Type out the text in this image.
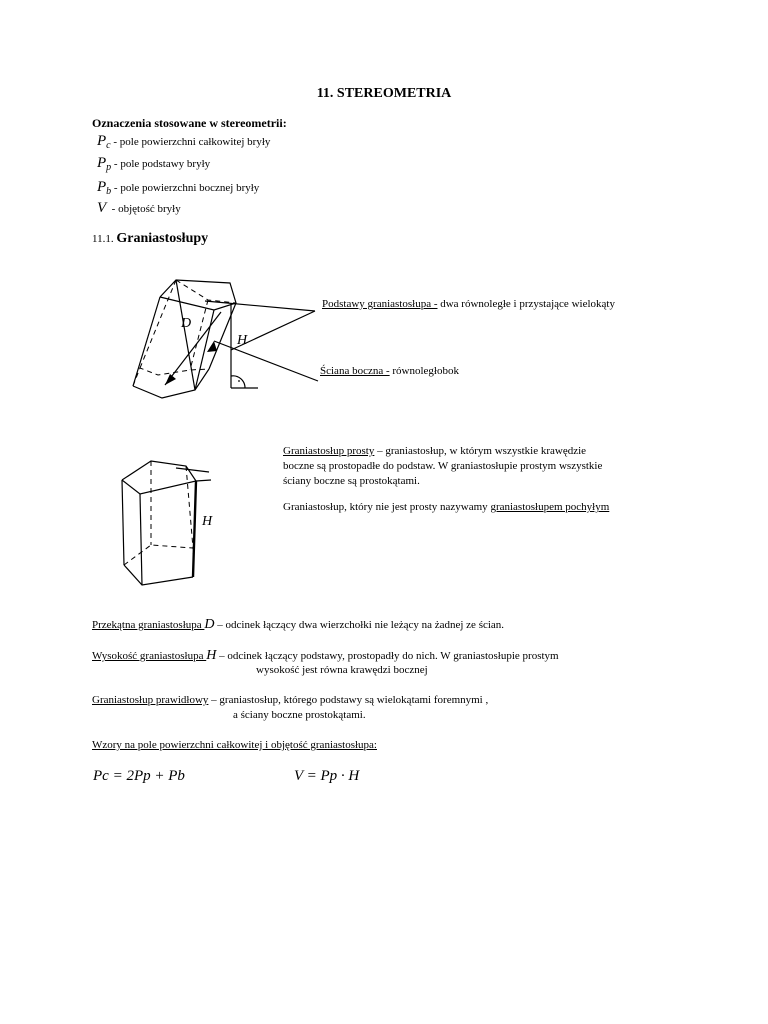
11. STEREOMETRIA
Oznaczenia stosowane w stereometrii:
Pc - pole powierzchni całkowitej bryły
Pp - pole podstawy bryły
Pb - pole powierzchni bocznej bryły
V - objętość bryły
11.1. Graniastosłupy
D
H
Podstawy graniastosłupa - dwa równoległe i przystające wielokąty
Ściana boczna - równoległobok
H
Graniastosłup prosty – graniastosłup, w którym wszystkie krawędzie
boczne są prostopadłe do podstaw. W graniastosłupie prostym wszystkie
ściany boczne są prostokątami.
Graniastosłup, który nie jest prosty nazywamy graniastosłupem pochyłym
Przekątna graniastosłupa D – odcinek łączący dwa wierzchołki nie leżący na żadnej ze ścian.
Wysokość graniastosłupa H – odcinek łączący podstawy, prostopadły do nich. W graniastosłupie prostym
wysokość jest równa krawędzi bocznej
Graniastosłup prawidłowy – graniastosłup, którego podstawy są wielokątami foremnymi ,
a ściany boczne prostokątami.
Wzory na pole powierzchni całkowitej i objętość graniastosłupa:
Pc = 2Pp + Pb	V = Pp · H
